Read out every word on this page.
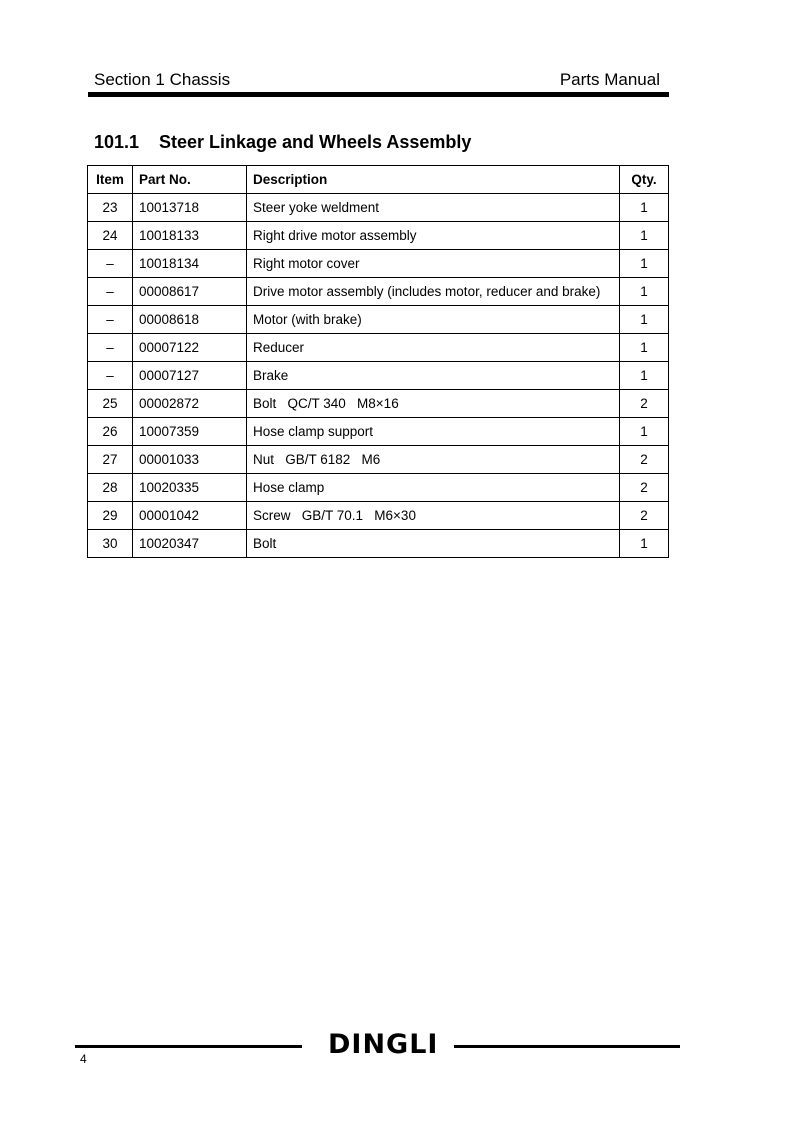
Section 1 Chassis	Parts Manual
101.1 Steer Linkage and Wheels Assembly
Item	Part No.	Description	Qty.
23	10013718	Steer yoke weldment	1
24	10018133	Right drive motor assembly	1
–	10018134	Right motor cover	1
–	00008617	Drive motor assembly (includes motor, reducer and brake)	1
–	00008618	Motor (with brake)	1
–	00007122	Reducer	1
–	00007127	Brake	1
25	00002872	Bolt   QC/T 340   M8×16	2
26	10007359	Hose clamp support	1
27	00001033	Nut   GB/T 6182   M6	2
28	10020335	Hose clamp	2
29	00001042	Screw   GB/T 70.1   M6×30	2
30	10020347	Bolt	1
DINGLI
4
